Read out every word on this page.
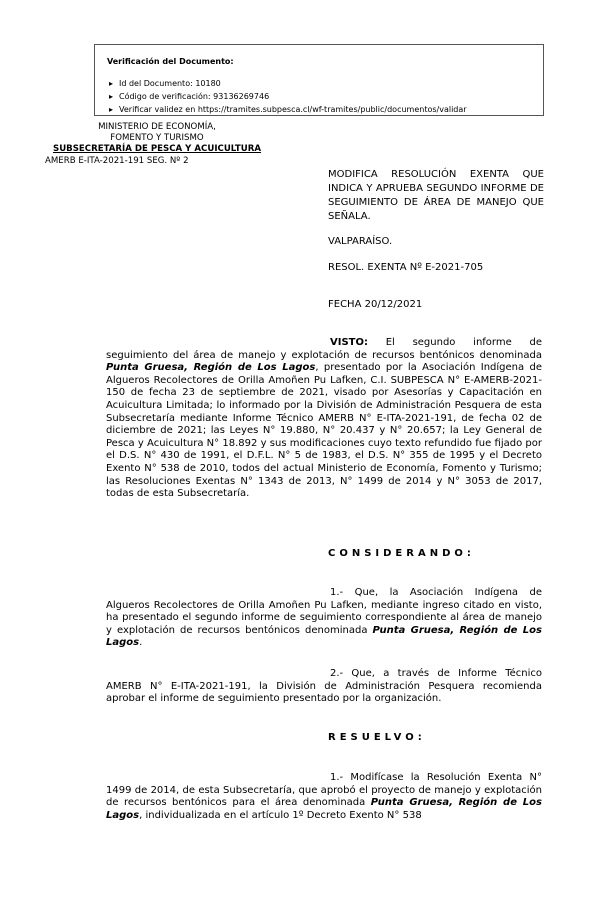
Verificación del Documento:
▸ Id del Documento: 10180
▸ Código de verificación: 93136269746
▸ Verificar validez en https://tramites.subpesca.cl/wf-tramites/public/documentos/validar
MINISTERIO DE ECONOMÍA,
FOMENTO Y TURISMO
SUBSECRETARÍA DE PESCA Y ACUICULTURA
AMERB E-ITA-2021-191 SEG. Nº 2
MODIFICA RESOLUCIÓN EXENTA QUE INDICA Y APRUEBA SEGUNDO INFORME DE SEGUIMIENTO DE ÁREA DE MANEJO QUE SEÑALA.
VALPARAÍSO.
RESOL. EXENTA Nº E-2021-705
FECHA 20/12/2021
VISTO: El segundo informe de seguimiento del área de manejo y explotación de recursos bentónicos denominada Punta Gruesa, Región de Los Lagos, presentado por la Asociación Indígena de Algueros Recolectores de Orilla Amoñen Pu Lafken, C.I. SUBPESCA N° E-AMERB-2021-150 de fecha 23 de septiembre de 2021, visado por Asesorías y Capacitación en Acuicultura Limitada; lo informado por la División de Administración Pesquera de esta Subsecretaría mediante Informe Técnico AMERB N° E-ITA-2021-191, de fecha 02 de diciembre de 2021; las Leyes N° 19.880, N° 20.437 y N° 20.657; la Ley General de Pesca y Acuicultura N° 18.892 y sus modificaciones cuyo texto refundido fue fijado por el D.S. N° 430 de 1991, el D.F.L. N° 5 de 1983, el D.S. N° 355 de 1995 y el Decreto Exento N° 538 de 2010, todos del actual Ministerio de Economía, Fomento y Turismo; las Resoluciones Exentas N° 1343 de 2013, N° 1499 de 2014 y N° 3053 de 2017, todas de esta Subsecretaría.
CONSIDERANDO:
1.- Que, la Asociación Indígena de Algueros Recolectores de Orilla Amoñen Pu Lafken, mediante ingreso citado en visto, ha presentado el segundo informe de seguimiento correspondiente al área de manejo y explotación de recursos bentónicos denominada Punta Gruesa, Región de Los Lagos.
2.- Que, a través de Informe Técnico AMERB N° E-ITA-2021-191, la División de Administración Pesquera recomienda aprobar el informe de seguimiento presentado por la organización.
RESUELVO:
1.- Modifícase la Resolución Exenta N° 1499 de 2014, de esta Subsecretaría, que aprobó el proyecto de manejo y explotación de recursos bentónicos para el área denominada Punta Gruesa, Región de Los Lagos, individualizada en el artículo 1º Decreto Exento N° 538
